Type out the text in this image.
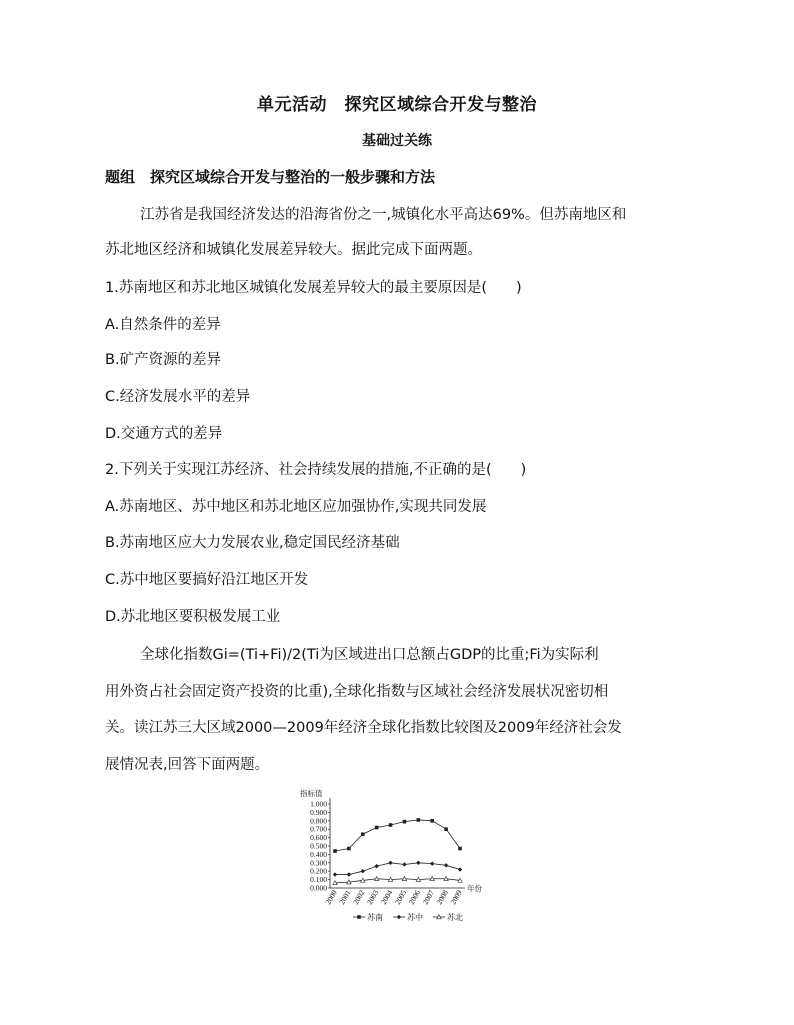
单元活动　探究区域综合开发与整治
基础过关练
题组　探究区域综合开发与整治的一般步骤和方法
江苏省是我国经济发达的沿海省份之一,城镇化水平高达69%。但苏南地区和
苏北地区经济和城镇化发展差异较大。据此完成下面两题。
1.苏南地区和苏北地区城镇化发展差异较大的最主要原因是(　　)
A.自然条件的差异
B.矿产资源的差异
C.经济发展水平的差异
D.交通方式的差异
2.下列关于实现江苏经济、社会持续发展的措施,不正确的是(　　)
A.苏南地区、苏中地区和苏北地区应加强协作,实现共同发展
B.苏南地区应大力发展农业,稳定国民经济基础
C.苏中地区要搞好沿江地区开发
D.苏北地区要积极发展工业
全球化指数Gi=(Ti+Fi)/2(Ti为区域进出口总额占GDP的比重;Fi为实际利
用外资占社会固定资产投资的比重),全球化指数与区域社会经济发展状况密切相
关。读江苏三大区域2000—2009年经济全球化指数比较图及2009年经济社会发
展情况表,回答下面两题。
指标值
0.000
0.100
0.200
0.300
0.400
0.500
0.600
0.700
0.800
0.900
1.000
2000
2001
2002
2003
2004
2005
2006
2007
2008
2009 年份
苏南	苏中	苏北
